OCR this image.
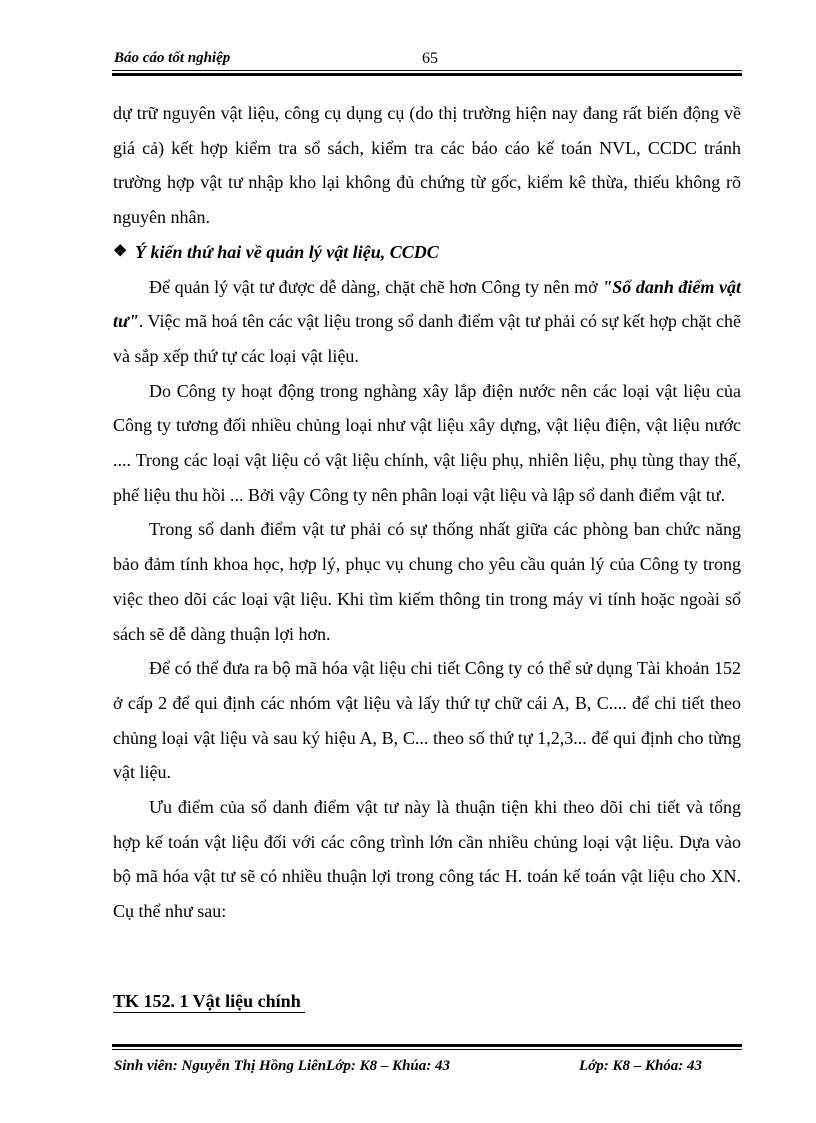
Báo cáo tốt nghiệp	65

dự trữ nguyên vật liệu, công cụ dụng cụ (do thị trường hiện nay đang rất biến động về giá cả) kết hợp kiểm tra sổ sách, kiểm tra các báo cáo kế toán NVL, CCDC tránh trường hợp vật tư nhập kho lại không đủ chứng từ gốc, kiểm kê thừa, thiếu không rõ nguyên nhân.

❖ Ý kiến thứ hai về quản lý vật liệu, CCDC

Để quản lý vật tư được dễ dàng, chặt chẽ hơn Công ty nên mở "Sổ danh điểm vật tư". Việc mã hoá tên các vật liệu trong sổ danh điểm vật tư phải có sự kết hợp chặt chẽ và sắp xếp thứ tự các loại vật liệu.

Do Công ty hoạt động trong nghàng xây lắp điện nước nên các loại vật liệu của Công ty tương đối nhiều chủng loại như vật liệu xây dựng, vật liệu điện, vật liệu nước .... Trong các loại vật liệu có vật liệu chính, vật liệu phụ, nhiên liệu, phụ tùng thay thế, phế liệu thu hồi ... Bởi vậy Công ty nên phân loại vật liệu và lập sổ danh điểm vật tư.

Trong sổ danh điểm vật tư phải có sự thống nhất giữa các phòng ban chức năng bảo đảm tính khoa học, hợp lý, phục vụ chung cho yêu cầu quản lý của Công ty trong việc theo dõi các loại vật liệu. Khi tìm kiếm thông tin trong máy vi tính hoặc ngoài sổ sách sẽ dễ dàng thuận lợi hơn.

Để có thể đưa ra bộ mã hóa vật liệu chi tiết Công ty có thể sử dụng Tài khoản 152 ở cấp 2 để qui định các nhóm vật liệu và lấy thứ tự chữ cái A, B, C.... để chi tiết theo chủng loại vật liệu và sau ký hiệu A, B, C... theo số thứ tự 1,2,3... để qui định cho từng vật liệu.

Ưu điểm của sổ danh điểm vật tư này là thuận tiện khi theo dõi chi tiết và tổng hợp kế toán vật liệu đối với các công trình lớn cần nhiều chủng loại vật liệu. Dựa vào bộ mã hóa vật tư sẽ có nhiều thuận lợi trong công tác H. toán kế toán vật liệu cho XN. Cụ thể như sau:

TK 152. 1 Vật liệu chính
Sinh viên: Nguyễn Thị Hồng LiênLớp: K8 – Khúa: 43	Lớp: K8 – Khóa: 43
